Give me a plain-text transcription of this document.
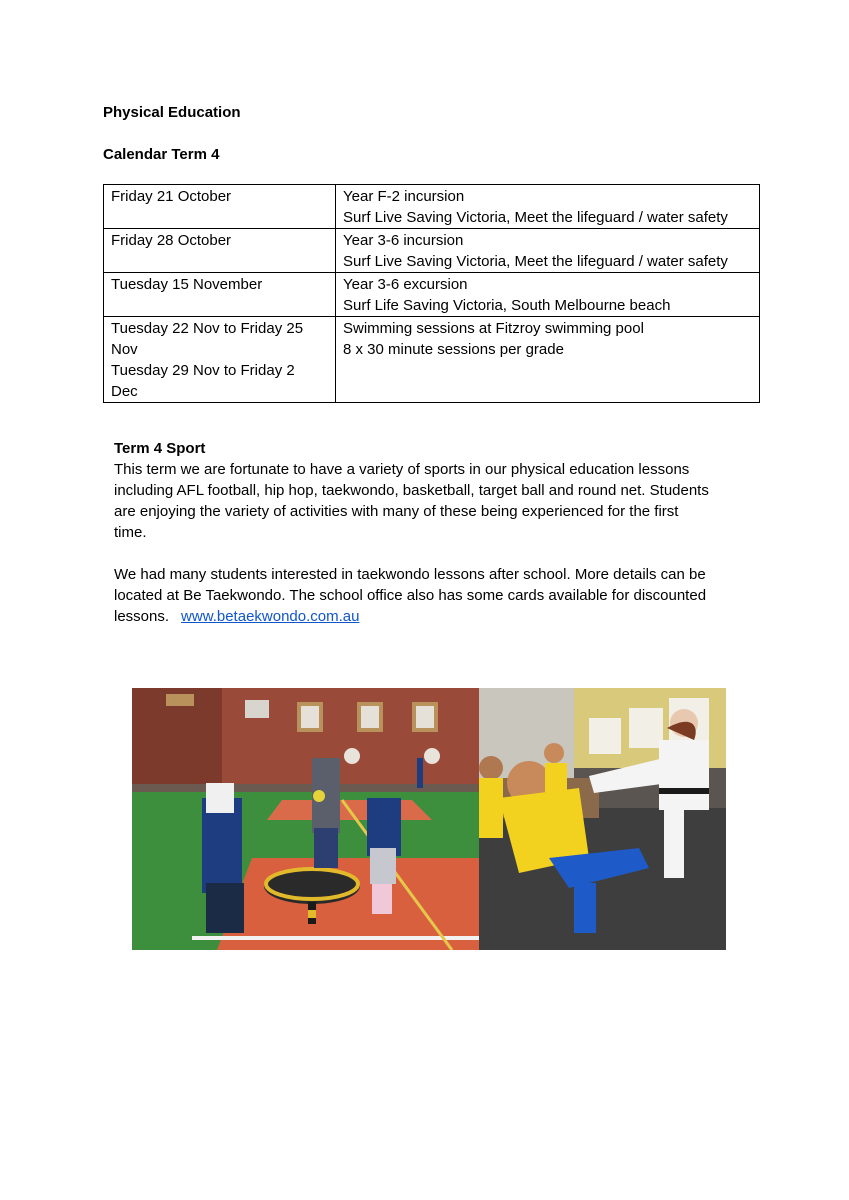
Physical Education
Calendar Term 4
Friday 21 October	Year F-2 incursion
Surf Live Saving Victoria, Meet the lifeguard / water safety

Friday 28 October	Year 3-6 incursion
Surf Live Saving Victoria, Meet the lifeguard / water safety

Tuesday 15 November	Year 3-6 excursion
Surf Life Saving Victoria, South Melbourne beach

Tuesday 22 Nov to Friday 25
Nov
Tuesday 29 Nov to Friday 2
Dec	Swimming sessions at Fitzroy swimming pool
8 x 30 minute sessions per grade
Term 4 Sport
This term we are fortunate to have a variety of sports in our physical education lessons
including AFL football, hip hop, taekwondo, basketball, target ball and round net. Students
are enjoying the variety of activities with many of these being experienced for the first
time.
We had many students interested in taekwondo lessons after school. More details can be
located at Be Taekwondo. The school office also has some cards available for discounted
lessons. www.betaekwondo.com.au
